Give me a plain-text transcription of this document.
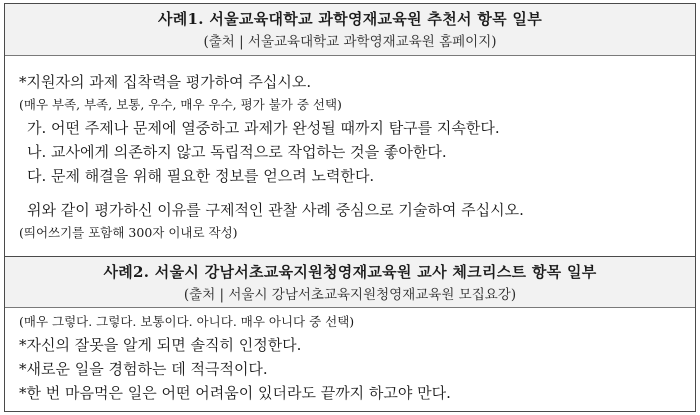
사례1. 서울교육대학교 과학영재교육원 추천서 항목 일부
(출처 | 서울교육대학교 과학영재교육원 홈페이지)
*지원자의 과제 집착력을 평가하여 주십시오.
(매우 부족, 부족, 보통, 우수, 매우 우수, 평가 불가 중 선택)
가. 어떤 주제나 문제에 열중하고 과제가 완성될 때까지 탐구를 지속한다.
나. 교사에게 의존하지 않고 독립적으로 작업하는 것을 좋아한다.
다. 문제 해결을 위해 필요한 정보를 얻으려 노력한다.
위와 같이 평가하신 이유를 구제적인 관찰 사례 중심으로 기술하여 주십시오.
(띄어쓰기를 포함해 300자 이내로 작성)
사례2. 서울시 강남서초교육지원청영재교육원 교사 체크리스트 항목 일부
(출처 | 서울시 강남서초교육지원청영재교육원 모집요강)
(매우 그렇다. 그렇다. 보통이다. 아니다. 매우 아니다 중 선택)
*자신의 잘못을 알게 되면 솔직히 인정한다.
*새로운 일을 경험하는 데 적극적이다.
*한 번 마음먹은 일은 어떤 어려움이 있더라도 끝까지 하고야 만다.
